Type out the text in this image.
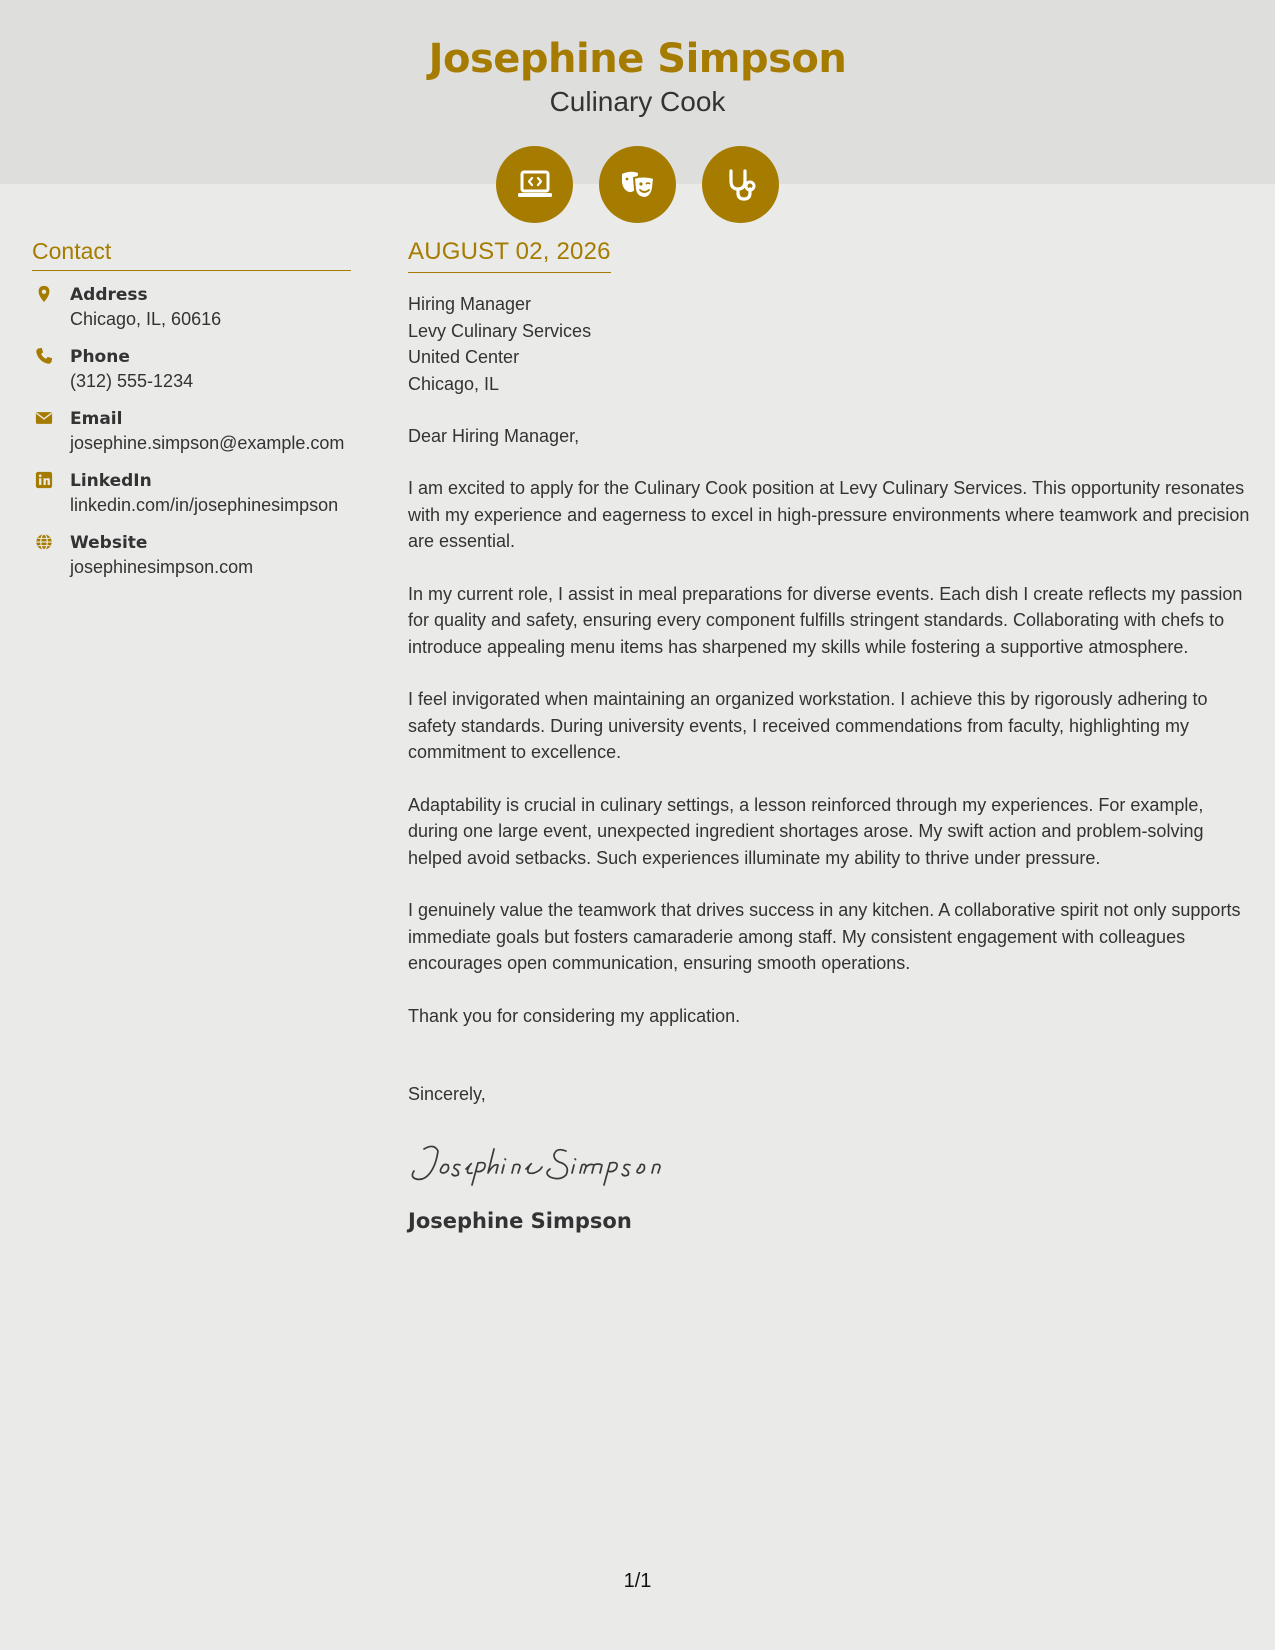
Josephine Simpson
Culinary Cook
Contact
Address
Chicago, IL, 60616
Phone
(312) 555-1234
Email
josephine.simpson@example.com
LinkedIn
linkedin.com/in/josephinesimpson
Website
josephinesimpson.com
AUGUST 02, 2026
Hiring Manager
Levy Culinary Services
United Center
Chicago, IL
Dear Hiring Manager,

I am excited to apply for the Culinary Cook position at Levy Culinary Services. This opportunity resonates with my experience and eagerness to excel in high-pressure environments where teamwork and precision are essential.

In my current role, I assist in meal preparations for diverse events. Each dish I create reflects my passion for quality and safety, ensuring every component fulfills stringent standards. Collaborating with chefs to introduce appealing menu items has sharpened my skills while fostering a supportive atmosphere.

I feel invigorated when maintaining an organized workstation. I achieve this by rigorously adhering to safety standards. During university events, I received commendations from faculty, highlighting my commitment to excellence.

Adaptability is crucial in culinary settings, a lesson reinforced through my experiences. For example, during one large event, unexpected ingredient shortages arose. My swift action and problem-solving helped avoid setbacks. Such experiences illuminate my ability to thrive under pressure.

I genuinely value the teamwork that drives success in any kitchen. A collaborative spirit not only supports immediate goals but fosters camaraderie among staff. My consistent engagement with colleagues encourages open communication, ensuring smooth operations.

Thank you for considering my application.

Sincerely,
Josephine Simpson
1/1
